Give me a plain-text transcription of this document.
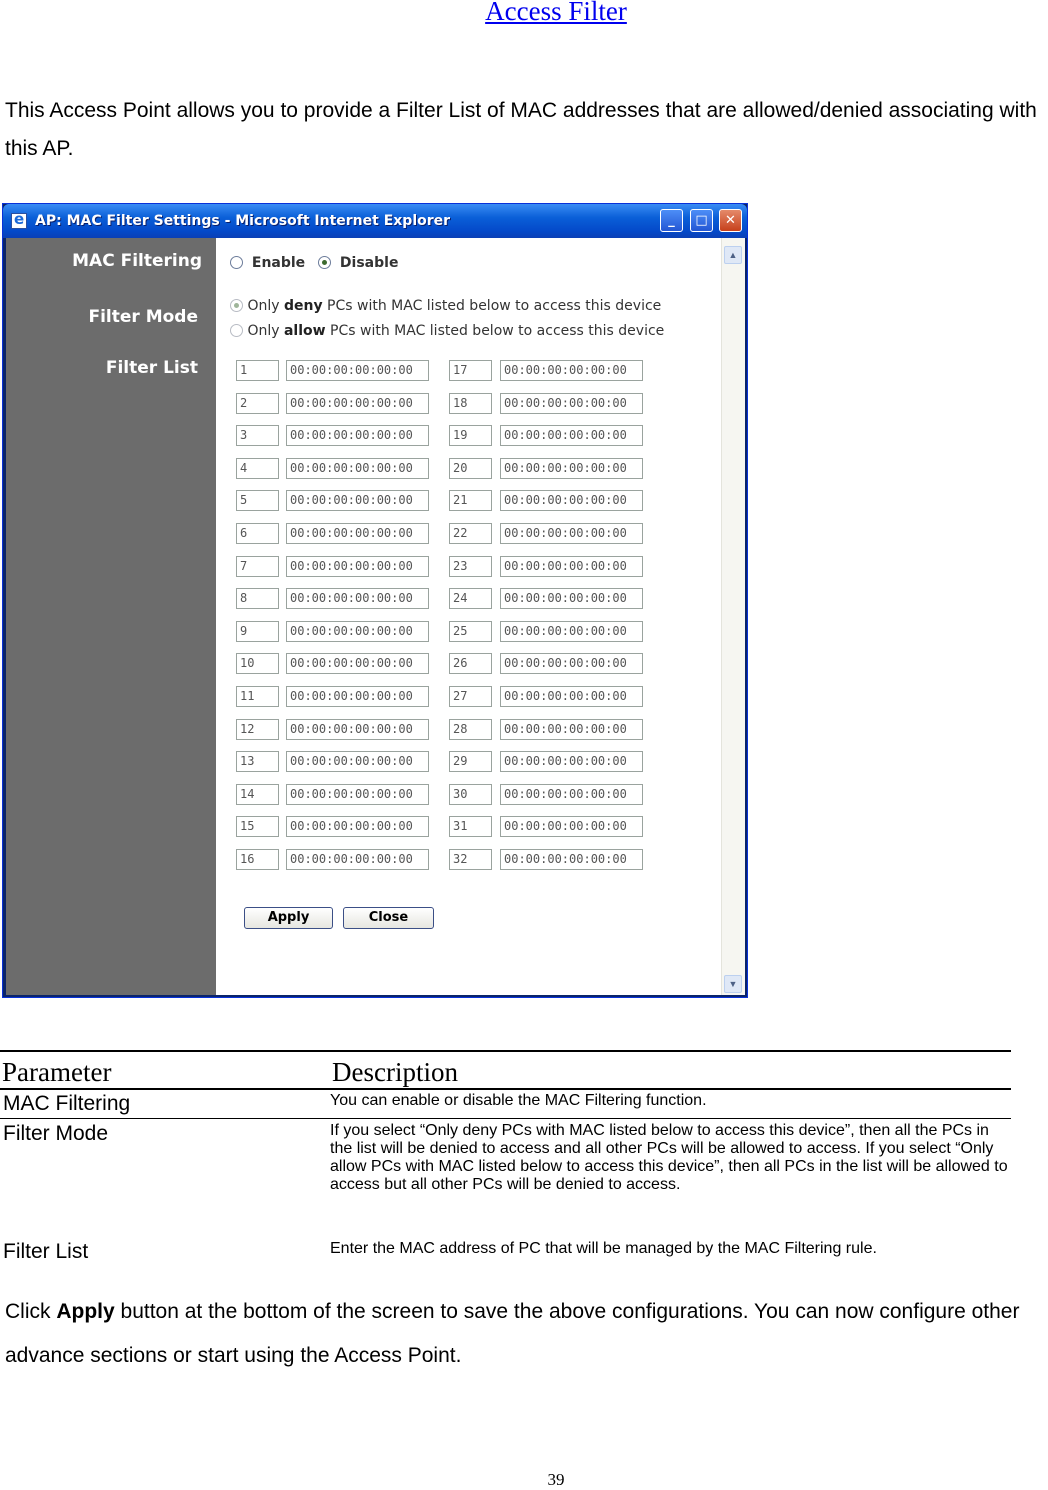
Access Filter
This Access Point allows you to provide a Filter List of MAC addresses that are allowed/denied associating with this AP.
e
AP: MAC Filter Settings - Microsoft Internet Explorer	_	□	✕
MAC Filtering
Filter Mode
Filter List
Enable Disable
Only deny PCs with MAC listed below to access this device
Only allow PCs with MAC listed below to access this device
1	00:00:00:00:00:00
2	00:00:00:00:00:00
3	00:00:00:00:00:00
4	00:00:00:00:00:00
5	00:00:00:00:00:00
6	00:00:00:00:00:00
7	00:00:00:00:00:00
8	00:00:00:00:00:00
9	00:00:00:00:00:00
10	00:00:00:00:00:00
11	00:00:00:00:00:00
12	00:00:00:00:00:00
13	00:00:00:00:00:00
14	00:00:00:00:00:00
15	00:00:00:00:00:00
16	00:00:00:00:00:00
17	00:00:00:00:00:00
18	00:00:00:00:00:00
19	00:00:00:00:00:00
20	00:00:00:00:00:00
21	00:00:00:00:00:00
22	00:00:00:00:00:00
23	00:00:00:00:00:00
24	00:00:00:00:00:00
25	00:00:00:00:00:00
26	00:00:00:00:00:00
27	00:00:00:00:00:00
28	00:00:00:00:00:00
29	00:00:00:00:00:00
30	00:00:00:00:00:00
31	00:00:00:00:00:00
32	00:00:00:00:00:00
Apply	Close
▲
▼
Parameter	Description
MAC Filtering	You can enable or disable the MAC Filtering function.
Filter Mode	If you select “Only deny PCs with MAC listed below to access this device”, then all the PCs in the list will be denied to access and all other PCs will be allowed to access. If you select “Only allow PCs with MAC listed below to access this device”, then all PCs in the list will be allowed to access but all other PCs will be denied to access.
Filter List	Enter the MAC address of PC that will be managed by the MAC Filtering rule.
Click Apply button at the bottom of the screen to save the above configurations. You can now configure other advance sections or start using the Access Point.
39
